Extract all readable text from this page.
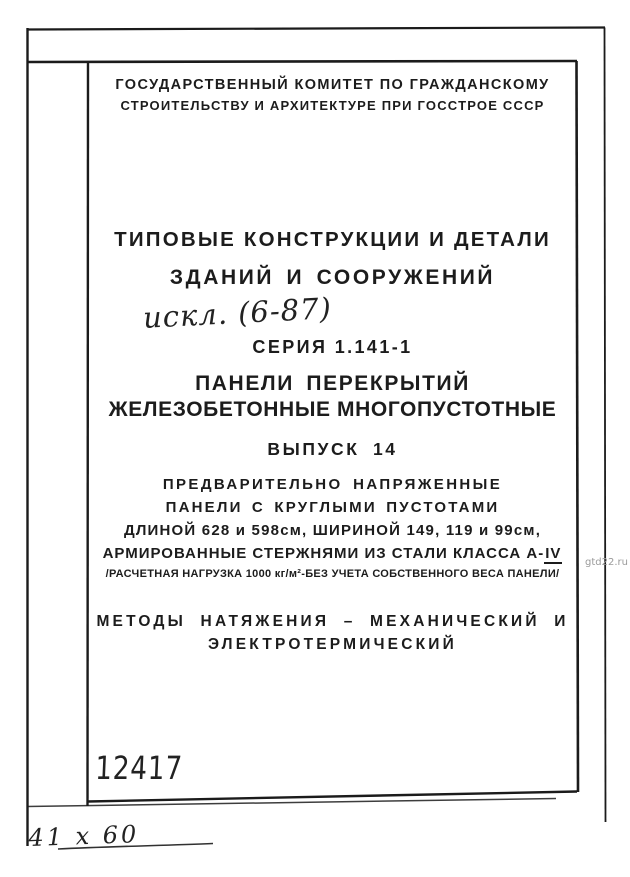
ГОСУДАРСТВЕННЫЙ КОМИТЕТ ПО ГРАЖДАНСКОМУ
СТРОИТЕЛЬСТВУ И АРХИТЕКТУРЕ ПРИ ГОССТРОЕ СССР
ТИПОВЫЕ КОНСТРУКЦИИ И ДЕТАЛИ
ЗДАНИЙ И СООРУЖЕНИЙ
искл. (6-87)
СЕРИЯ 1.141-1
ПАНЕЛИ ПЕРЕКРЫТИЙ
ЖЕЛЕЗОБЕТОННЫЕ МНОГОПУСТОТНЫЕ
ВЫПУСК 14
ПРЕДВАРИТЕЛЬНО НАПРЯЖЕННЫЕ
ПАНЕЛИ С КРУГЛЫМИ ПУСТОТАМИ
ДЛИНОЙ 628 и 598см, ШИРИНОЙ 149, 119 и 99см,
АРМИРОВАННЫЕ СТЕРЖНЯМИ ИЗ СТАЛИ КЛАССА А-IV
/РАСЧЕТНАЯ НАГРУЗКА 1000 кг/м²-БЕЗ УЧЕТА СОБСТВЕННОГО ВЕСА ПАНЕЛИ/
МЕТОДЫ НАТЯЖЕНИЯ – МЕХАНИЧЕСКИЙ И
ЭЛЕКТРОТЕРМИЧЕСКИЙ
12417
41 х 60
gtd22.ru
